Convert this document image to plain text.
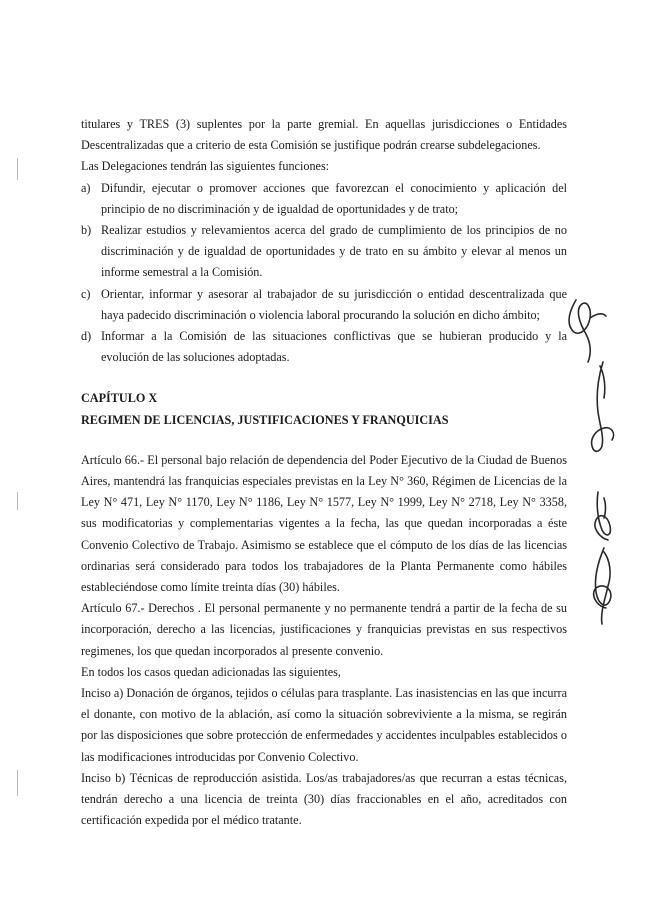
titulares y TRES (3) suplentes por la parte gremial. En aquellas jurisdicciones o Entidades Descentralizadas que a criterio de esta Comisión se justifique podrán crearse subdelegaciones.

Las Delegaciones tendrán las siguientes funciones:

a) Difundir, ejecutar o promover acciones que favorezcan el conocimiento y aplicación del principio de no discriminación y de igualdad de oportunidades y de trato;
b) Realizar estudios y relevamientos acerca del grado de cumplimiento de los principios de no discriminación y de igualdad de oportunidades y de trato en su ámbito y elevar al menos un informe semestral a la Comisión.
c) Orientar, informar y asesorar al trabajador de su jurisdicción o entidad descentralizada que haya padecido discriminación o violencia laboral procurando la solución en dicho ámbito;
d) Informar a la Comisión de las situaciones conflictivas que se hubieran producido y la evolución de las soluciones adoptadas.

CAPÍTULO X

REGIMEN DE LICENCIAS, JUSTIFICACIONES Y FRANQUICIAS

Artículo 66.- El personal bajo relación de dependencia del Poder Ejecutivo de la Ciudad de Buenos Aires, mantendrá las franquicias especiales previstas en la Ley N° 360, Régimen de Licencias de la Ley N° 471, Ley N° 1170, Ley N° 1186, Ley N° 1577, Ley N° 1999, Ley N° 2718, Ley N° 3358, sus modificatorias y complementarias vigentes a la fecha, las que quedan incorporadas a éste Convenio Colectivo de Trabajo. Asimismo se establece que el cómputo de los días de las licencias ordinarias será considerado para todos los trabajadores de la Planta Permanente como hábiles estableciéndose como límite treinta días (30) hábiles.

Artículo 67.- Derechos . El personal permanente y no permanente tendrá a partir de la fecha de su incorporación, derecho a las licencias, justificaciones y franquicias previstas en sus respectivos regimenes, los que quedan incorporados al presente convenio.

En todos los casos quedan adicionadas las siguientes,

Inciso a) Donación de órganos, tejidos o células para trasplante. Las inasistencias en las que incurra el donante, con motivo de la ablación, así como la situación sobreviviente a la misma, se regirán por las disposiciones que sobre protección de enfermedades y accidentes inculpables establecidos o las modificaciones introducidas por Convenio Colectivo.

Inciso b) Técnicas de reproducción asistida. Los/as trabajadores/as que recurran a estas técnicas, tendrán derecho a una licencia de treinta (30) días fraccionables en el año, acreditados con certificación expedida por el médico tratante.
